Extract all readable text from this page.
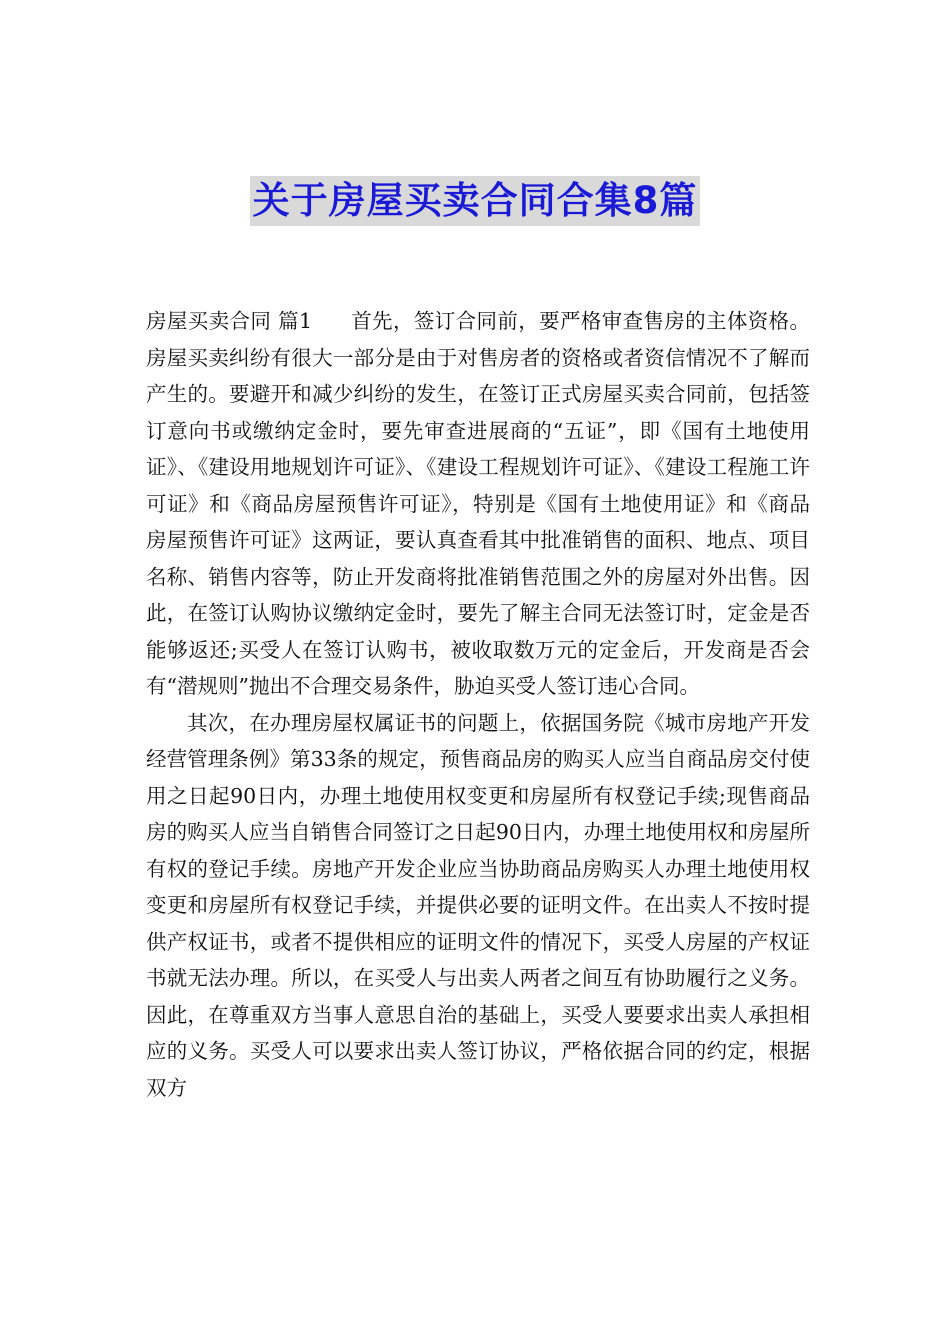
关于房屋买卖合同合集8篇

房屋买卖合同 篇1 首先，签订合同前，要严格审查售房的主体资格。房屋买卖纠纷有很大一部分是由于对售房者的资格或者资信情况不了解而产生的。要避开和减少纠纷的发生，在签订正式房屋买卖合同前，包括签订意向书或缴纳定金时，要先审查进展商的“五证”，即《国有土地使用证》、《建设用地规划许可证》、《建设工程规划许可证》、《建设工程施工许可证》和《商品房屋预售许可证》，特别是《国有土地使用证》和《商品房屋预售许可证》这两证，要认真查看其中批准销售的面积、地点、项目名称、销售内容等，防止开发商将批准销售范围之外的房屋对外出售。因此，在签订认购协议缴纳定金时，要先了解主合同无法签订时，定金是否能够返还;买受人在签订认购书，被收取数万元的定金后，开发商是否会有“潜规则”抛出不合理交易条件，胁迫买受人签订违心合同。

其次，在办理房屋权属证书的问题上，依据国务院《城市房地产开发经营管理条例》第33条的规定，预售商品房的购买人应当自商品房交付使用之日起90日内，办理土地使用权变更和房屋所有权登记手续;现售商品房的购买人应当自销售合同签订之日起90日内，办理土地使用权和房屋所有权的登记手续。房地产开发企业应当协助商品房购买人办理土地使用权变更和房屋所有权登记手续，并提供必要的证明文件。在出卖人不按时提供产权证书，或者不提供相应的证明文件的情况下，买受人房屋的产权证书就无法办理。所以，在买受人与出卖人两者之间互有协助履行之义务。因此，在尊重双方当事人意思自治的基础上，买受人要要求出卖人承担相应的义务。买受人可以要求出卖人签订协议，严格依据合同的约定，根据双方
